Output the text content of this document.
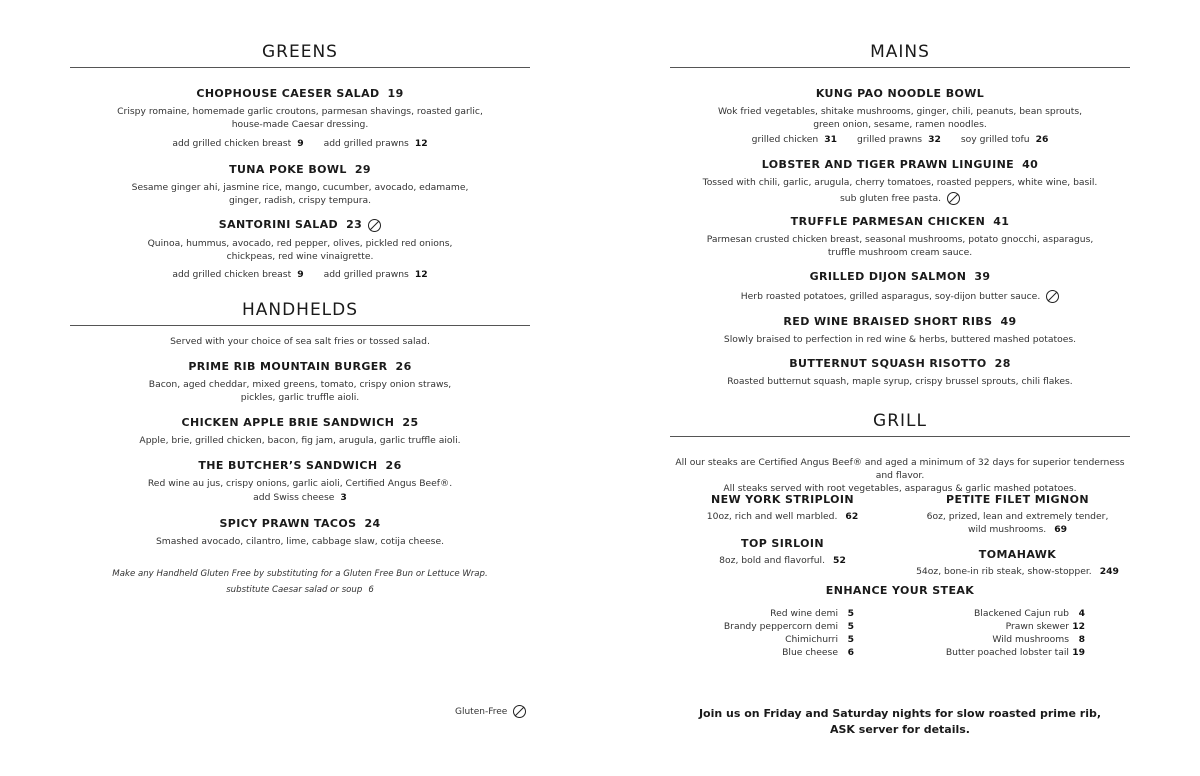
GREENS
CHOPHOUSE CAESER SALAD 19
Crispy romaine, homemade garlic croutons, parmesan shavings, roasted garlic,
house-made Caesar dressing.
add grilled chicken breast 9 add grilled prawns 12
TUNA POKE BOWL 29
Sesame ginger ahi, jasmine rice, mango, cucumber, avocado, edamame,
ginger, radish, crispy tempura.
SANTORINI SALAD 23
Quinoa, hummus, avocado, red pepper, olives, pickled red onions,
chickpeas, red wine vinaigrette.
add grilled chicken breast 9 add grilled prawns 12
HANDHELDS
Served with your choice of sea salt fries or tossed salad.
PRIME RIB MOUNTAIN BURGER 26
Bacon, aged cheddar, mixed greens, tomato, crispy onion straws,
pickles, garlic truffle aioli.
CHICKEN APPLE BRIE SANDWICH 25
Apple, brie, grilled chicken, bacon, fig jam, arugula, garlic truffle aioli.
THE BUTCHER’S SANDWICH 26
Red wine au jus, crispy onions, garlic aioli, Certified Angus Beef®.
add Swiss cheese 3
SPICY PRAWN TACOS 24
Smashed avocado, cilantro, lime, cabbage slaw, cotija cheese.
Make any Handheld Gluten Free by substituting for a Gluten Free Bun or Lettuce Wrap.
substitute Caesar salad or soup 6
MAINS
KUNG PAO NOODLE BOWL
Wok fried vegetables, shitake mushrooms, ginger, chili, peanuts, bean sprouts,
green onion, sesame, ramen noodles.
grilled chicken 31 grilled prawns 32 soy grilled tofu 26
LOBSTER AND TIGER PRAWN LINGUINE 40
Tossed with chili, garlic, arugula, cherry tomatoes, roasted peppers, white wine, basil.
sub gluten free pasta.
TRUFFLE PARMESAN CHICKEN 41
Parmesan crusted chicken breast, seasonal mushrooms, potato gnocchi, asparagus,
truffle mushroom cream sauce.
GRILLED DIJON SALMON 39
Herb roasted potatoes, grilled asparagus, soy-dijon butter sauce.
RED WINE BRAISED SHORT RIBS 49
Slowly braised to perfection in red wine & herbs, buttered mashed potatoes.
BUTTERNUT SQUASH RISOTTO 28
Roasted butternut squash, maple syrup, crispy brussel sprouts, chili flakes.
GRILL
All our steaks are Certified Angus Beef® and aged a minimum of 32 days for superior tenderness and flavor.
All steaks served with root vegetables, asparagus & garlic mashed potatoes.
NEW YORK STRIPLOIN
10oz, rich and well marbled. 62
TOP SIRLOIN
8oz, bold and flavorful. 52
PETITE FILET MIGNON
6oz, prized, lean and extremely tender,
wild mushrooms. 69
TOMAHAWK
54oz, bone-in rib steak, show-stopper. 249
ENHANCE YOUR STEAK
Red wine demi 5
Brandy peppercorn demi 5
Chimichurri 5
Blue cheese 6
Blackened Cajun rub 4
Prawn skewer 12
Wild mushrooms 8
Butter poached lobster tail 19
Gluten-Free	Join us on Friday and Saturday nights for slow roasted prime rib,
ASK server for details.
